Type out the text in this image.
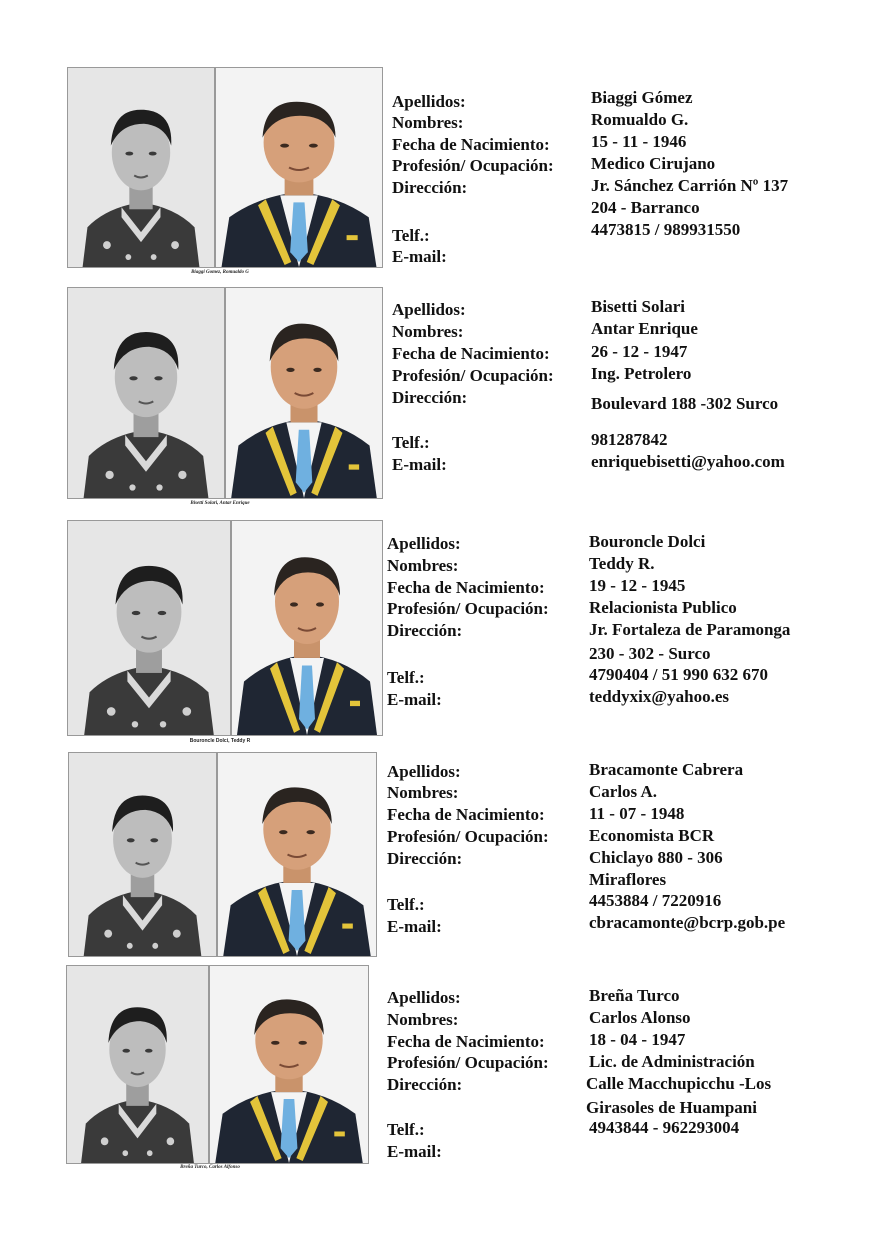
Biaggi Gomez, Romualdo G
Apellidos:
Nombres:
Fecha de Nacimiento:
Profesión/ Ocupación:
Dirección:
Telf.:
E-mail:
Biaggi Gómez
Romualdo G.
15 - 11 - 1946
Medico Cirujano
Jr. Sánchez Carrión Nº 137
204 - Barranco
4473815 / 989931550
Bisetti Solari, Antar Enrique
Apellidos:
Nombres:
Fecha de Nacimiento:
Profesión/ Ocupación:
Dirección:
Telf.:
E-mail:
Bisetti Solari
Antar Enrique
26 - 12 - 1947
Ing. Petrolero
Boulevard 188 -302 Surco
981287842
enriquebisetti@yahoo.com
Bouroncle Dolci, Teddy R
Apellidos:
Nombres:
Fecha de Nacimiento:
Profesión/ Ocupación:
Dirección:
Telf.:
E-mail:
Bouroncle Dolci
Teddy R.
19 - 12 - 1945
Relacionista Publico
Jr. Fortaleza de Paramonga
230 - 302 - Surco
4790404 / 51 990 632 670
teddyxix@yahoo.es
Apellidos:
Nombres:
Fecha de Nacimiento:
Profesión/ Ocupación:
Dirección:
Telf.:
E-mail:
Bracamonte Cabrera
Carlos A.
11 - 07 - 1948
Economista BCR
Chiclayo 880 - 306
Miraflores
4453884 / 7220916
cbracamonte@bcrp.gob.pe
Breña Turco, Carlos Alfonso
Apellidos:
Nombres:
Fecha de Nacimiento:
Profesión/ Ocupación:
Dirección:
Telf.:
E-mail:
Breña Turco
Carlos Alonso
18 - 04 - 1947
Lic. de Administración
Calle Macchupicchu -Los
Girasoles de Huampani
4943844 - 962293004
